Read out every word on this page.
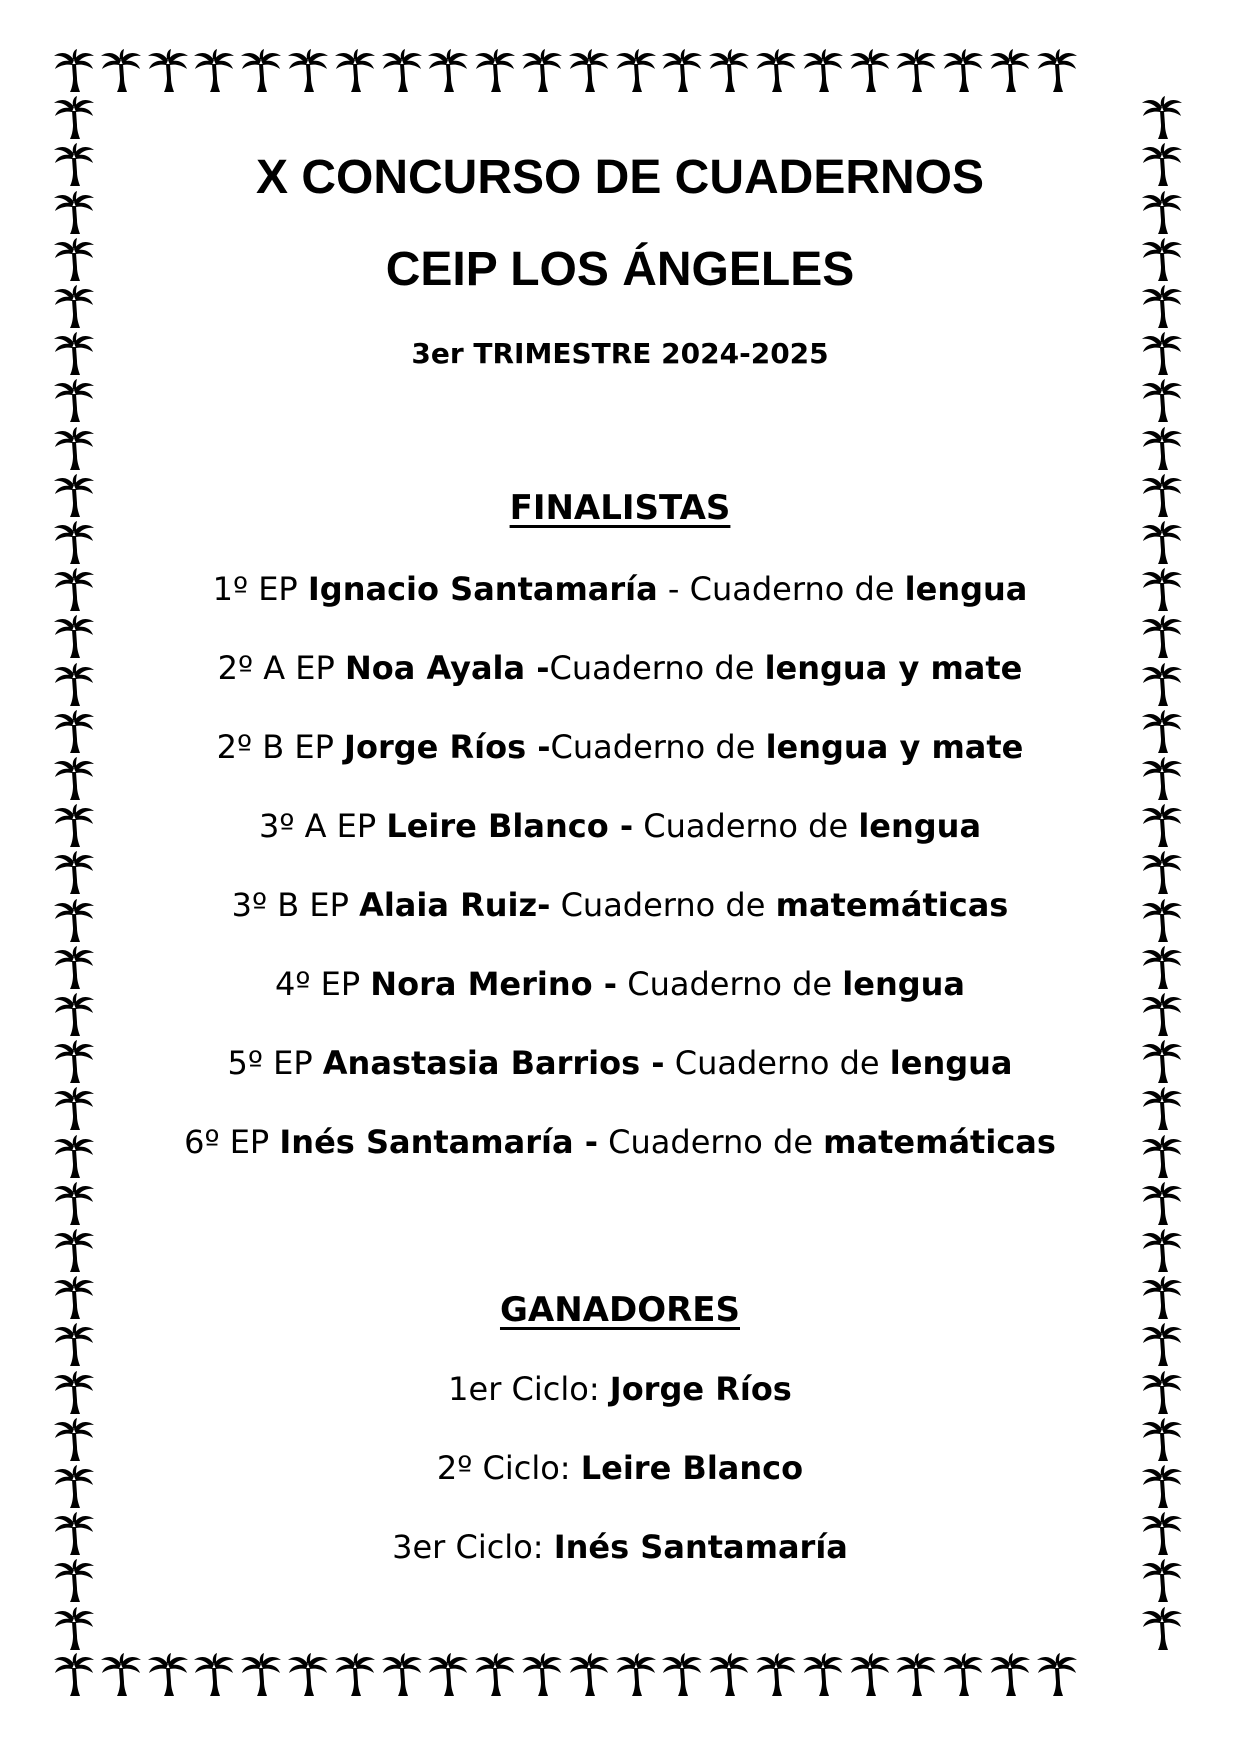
X CONCURSO DE CUADERNOS
CEIP LOS ÁNGELES
3er TRIMESTRE 2024-2025
FINALISTAS
1º EP Ignacio Santamaría - Cuaderno de lengua
2º A EP Noa Ayala -Cuaderno de lengua y mate
2º B EP Jorge Ríos -Cuaderno de lengua y mate
3º A EP Leire Blanco - Cuaderno de lengua
3º B EP Alaia Ruiz- Cuaderno de matemáticas
4º EP Nora Merino - Cuaderno de lengua
5º EP Anastasia Barrios - Cuaderno de lengua
6º EP Inés Santamaría - Cuaderno de matemáticas
GANADORES
1er Ciclo: Jorge Ríos
2º Ciclo: Leire Blanco
3er Ciclo: Inés Santamaría
